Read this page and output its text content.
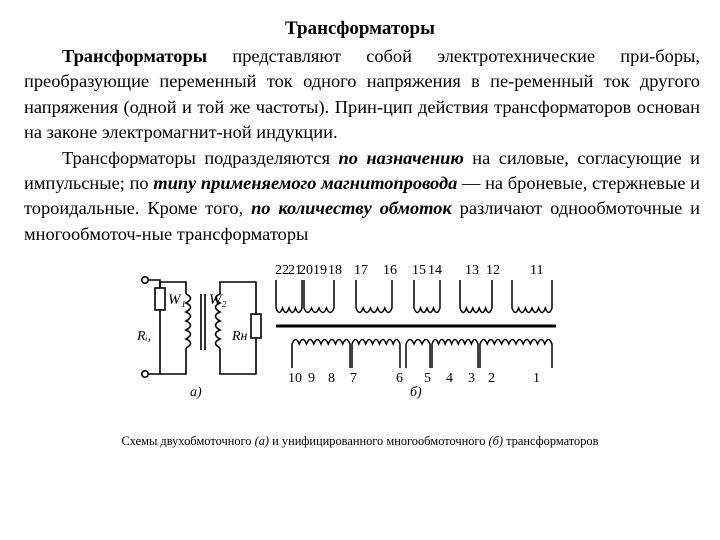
Трансформаторы

Трансформаторы представляют собой электротехнические при-боры, преобразующие переменный ток одного напряжения в пе-ременный ток другого напряжения (одной и той же частоты). Прин-цип действия трансформаторов основан на законе электромагнит-ной индукции.

Трансформаторы подразделяются по назначению на силовые, согласующие и импульсные; по типу применяемого магнитопровода — на броневые, стержневые и тороидальные. Кроме того, по количеству обмоток различают однообмоточные и многообмоточ-ные трансформаторы

W₁ W₂
Rᵢ,	Rн
а)
22 21
20 19 18 17 16 15 14 13 12 11
10 9 8 7	6 5 4 3 2	1
б)
Схемы двухобмоточного (а) и унифицированного многообмоточного (б) трансформаторов
